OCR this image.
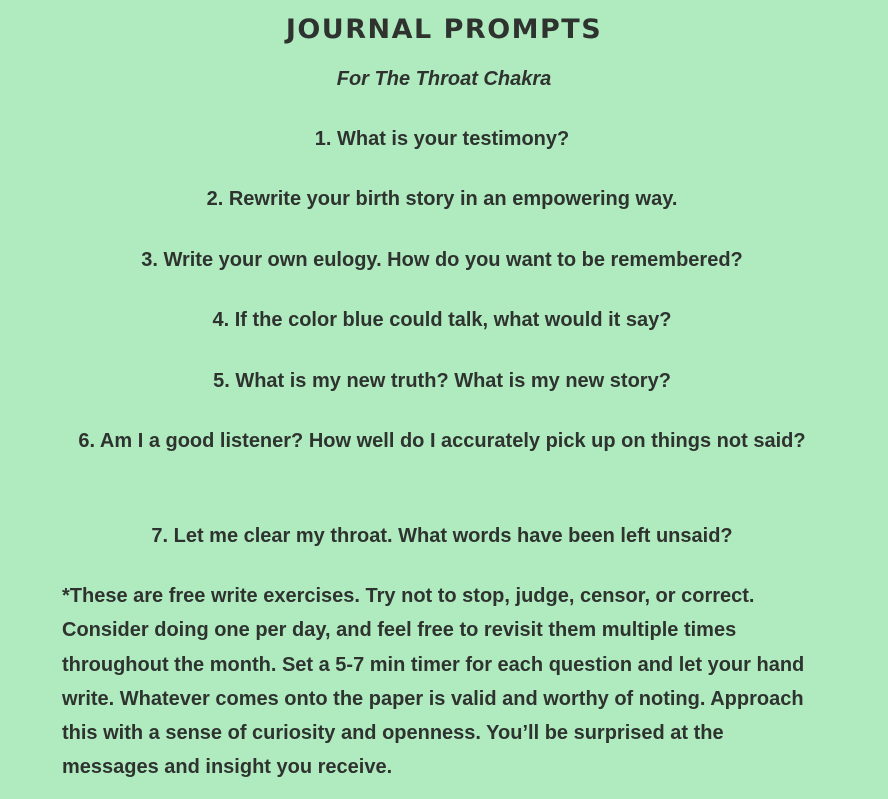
JOURNAL PROMPTS

For The Throat Chakra

1. What is your testimony?

2. Rewrite your birth story in an empowering way.

3. Write your own eulogy. How do you want to be remembered?

4. If the color blue could talk, what would it say?

5. What is my new truth? What is my new story?

6. Am I a good listener? How well do I accurately pick up on things not said?

7. Let me clear my throat. What words have been left unsaid?

*These are free write exercises. Try not to stop, judge, censor, or correct. Consider doing one per day, and feel free to revisit them multiple times throughout the month. Set a 5-7 min timer for each question and let your hand write. Whatever comes onto the paper is valid and worthy of noting. Approach this with a sense of curiosity and openness. You’ll be surprised at the messages and insight you receive.
